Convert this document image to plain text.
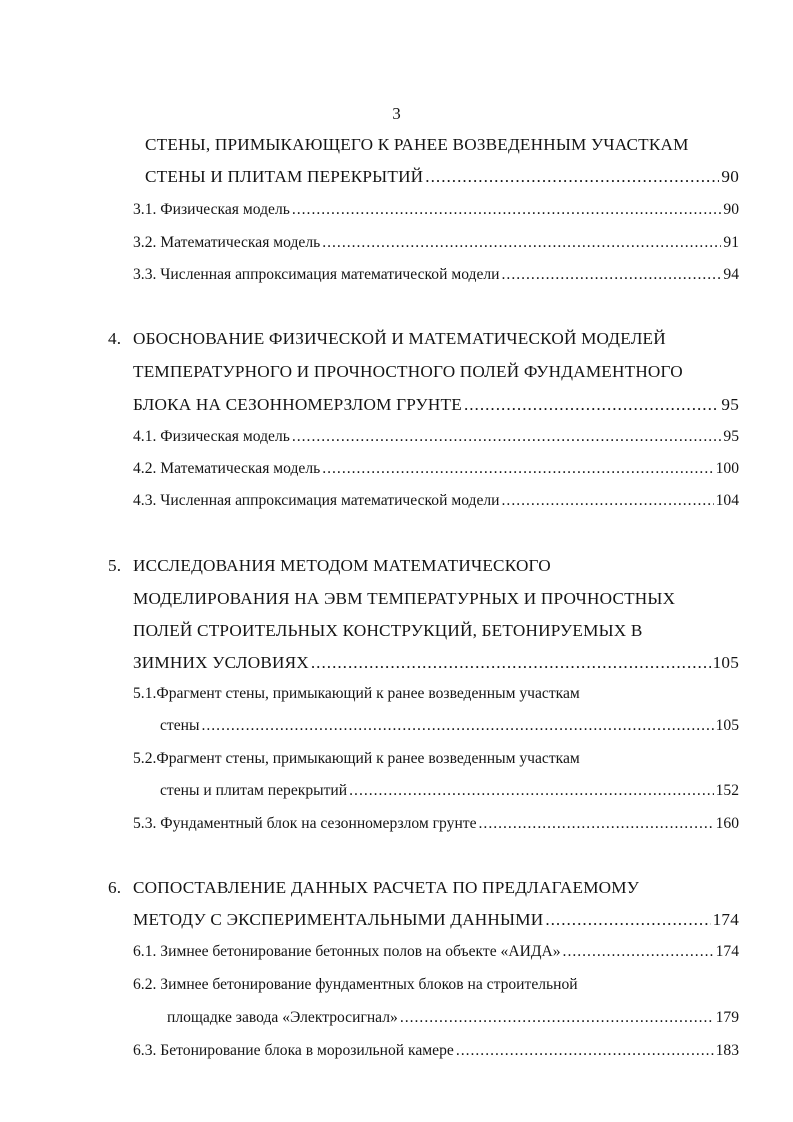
3
СТЕНЫ, ПРИМЫКАЮЩЕГО К РАНЕЕ ВОЗВЕДЕННЫМ УЧАСТКАМ
СТЕНЫ И ПЛИТАМ ПЕРЕКРЫТИЙ .....	90
3.1. Физическая модель .....	90
3.2. Математическая модель .....	91
3.3. Численная аппроксимация математической модели .....	94
4. ОБОСНОВАНИЕ ФИЗИЧЕСКОЙ И МАТЕМАТИЧЕСКОЙ МОДЕЛЕЙ
ТЕМПЕРАТУРНОГО И ПРОЧНОСТНОГО ПОЛЕЙ ФУНДАМЕНТНОГО
БЛОКА НА СЕЗОННОМЕРЗЛОМ ГРУНТЕ .....	95
4.1. Физическая модель .....	95
4.2. Математическая модель .....	100
4.3. Численная аппроксимация математической модели .....	104
5. ИССЛЕДОВАНИЯ МЕТОДОМ МАТЕМАТИЧЕСКОГО
МОДЕЛИРОВАНИЯ НА ЭВМ ТЕМПЕРАТУРНЫХ И ПРОЧНОСТНЫХ
ПОЛЕЙ СТРОИТЕЛЬНЫХ КОНСТРУКЦИЙ, БЕТОНИРУЕМЫХ В
ЗИМНИХ УСЛОВИЯХ .....	105
5.1.Фрагмент стены, примыкающий к ранее возведенным участкам
стены .....	105
5.2.Фрагмент стены, примыкающий к ранее возведенным участкам
стены и плитам перекрытий .....	152
5.3. Фундаментный блок на сезонномерзлом грунте .....	160
6. СОПОСТАВЛЕНИЕ ДАННЫХ РАСЧЕТА ПО ПРЕДЛАГАЕМОМУ
МЕТОДУ С ЭКСПЕРИМЕНТАЛЬНЫМИ ДАННЫМИ .....	174
6.1. Зимнее бетонирование бетонных полов на объекте «АИДА» .....	174
6.2. Зимнее бетонирование фундаментных блоков на строительной
площадке завода «Электросигнал» .....	179
6.3. Бетонирование блока в морозильной камере .....	183
